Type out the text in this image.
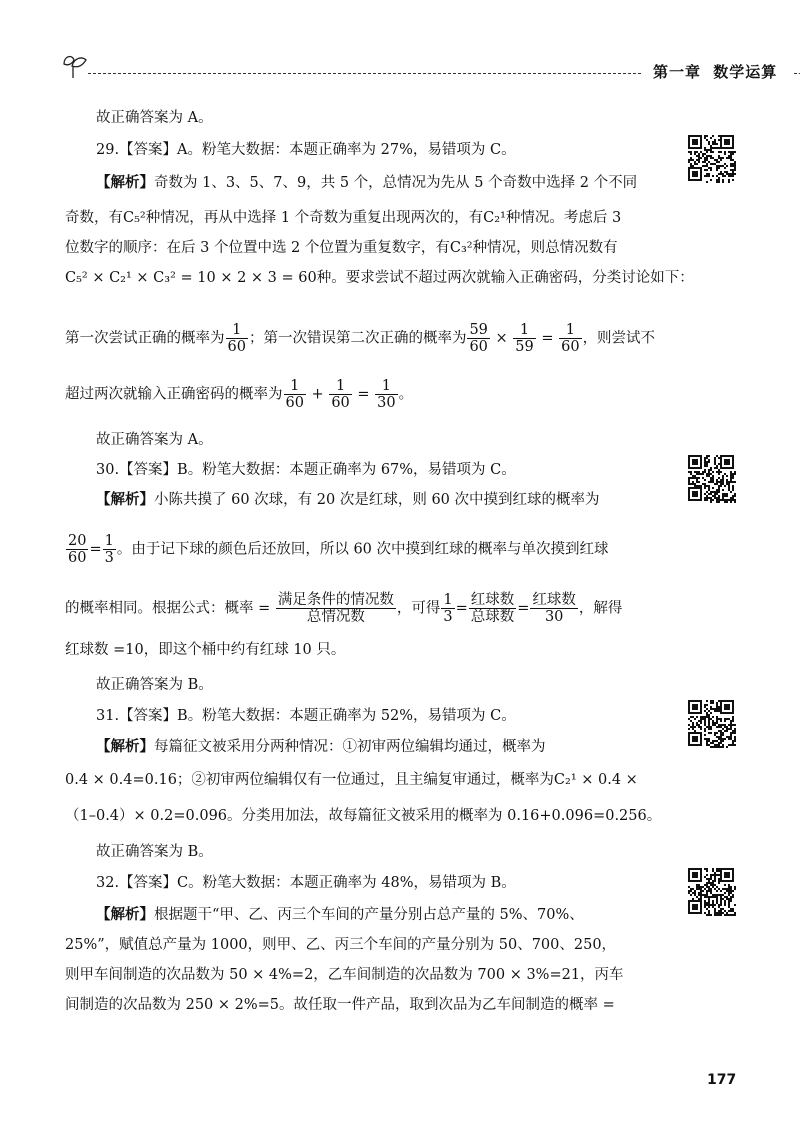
第一章 数学运算
故正确答案为 A。
29.【答案】A。粉笔大数据：本题正确率为 27%，易错项为 C。
【解析】奇数为 1、3、5、7、9，共 5 个，总情况为先从 5 个奇数中选择 2 个不同
奇数，有C₅²种情况，再从中选择 1 个奇数为重复出现两次的，有C₂¹种情况。考虑后 3
位数字的顺序：在后 3 个位置中选 2 个位置为重复数字，有C₃²种情况，则总情况数有
C₅² × C₂¹ × C₃² = 10 × 2 × 3 = 60种。要求尝试不超过两次就输入正确密码，分类讨论如下：
第一次尝试正确的概率为 $\frac{1}{60}$ ；第一次错误第二次正确的概率为 $\frac{59}{60} \times \frac{1}{59} = \frac{1}{60}$ ，则尝试不
超过两次就输入正确密码的概率为 $\frac{1}{60} + \frac{1}{60} = \frac{1}{30}$ 。
故正确答案为 A。
30.【答案】B。粉笔大数据：本题正确率为 67%，易错项为 C。
【解析】小陈共摸了 60 次球，有 20 次是红球，则 60 次中摸到红球的概率为
$\frac{20}{60} = \frac{1}{3}$ 。由于记下球的颜色后还放回，所以 60 次中摸到红球的概率与单次摸到红球
的概率相同。根据公式：概率 = $\frac{\text{满足条件的情况数}}{\text{总情况数}}$ ，可得 $\frac{1}{3} = \frac{\text{红球数}}{\text{总球数}} = \frac{\text{红球数}}{30}$ ，解得
红球数 =10，即这个桶中约有红球 10 只。
故正确答案为 B。
31.【答案】B。粉笔大数据：本题正确率为 52%，易错项为 C。
【解析】每篇征文被采用分两种情况：①初审两位编辑均通过，概率为
0.4 × 0.4=0.16；②初审两位编辑仅有一位通过，且主编复审通过，概率为C₂¹ × 0.4 ×
（1–0.4）× 0.2=0.096。分类用加法，故每篇征文被采用的概率为 0.16+0.096=0.256。
故正确答案为 B。
32.【答案】C。粉笔大数据：本题正确率为 48%，易错项为 B。
【解析】根据题干“甲、乙、丙三个车间的产量分别占总产量的 5%、70%、
25%”，赋值总产量为 1000，则甲、乙、丙三个车间的产量分别为 50、700、250，
则甲车间制造的次品数为 50 × 4%=2，乙车间制造的次品数为 700 × 3%=21，丙车
间制造的次品数为 250 × 2%=5。故任取一件产品，取到次品为乙车间制造的概率 =
177
